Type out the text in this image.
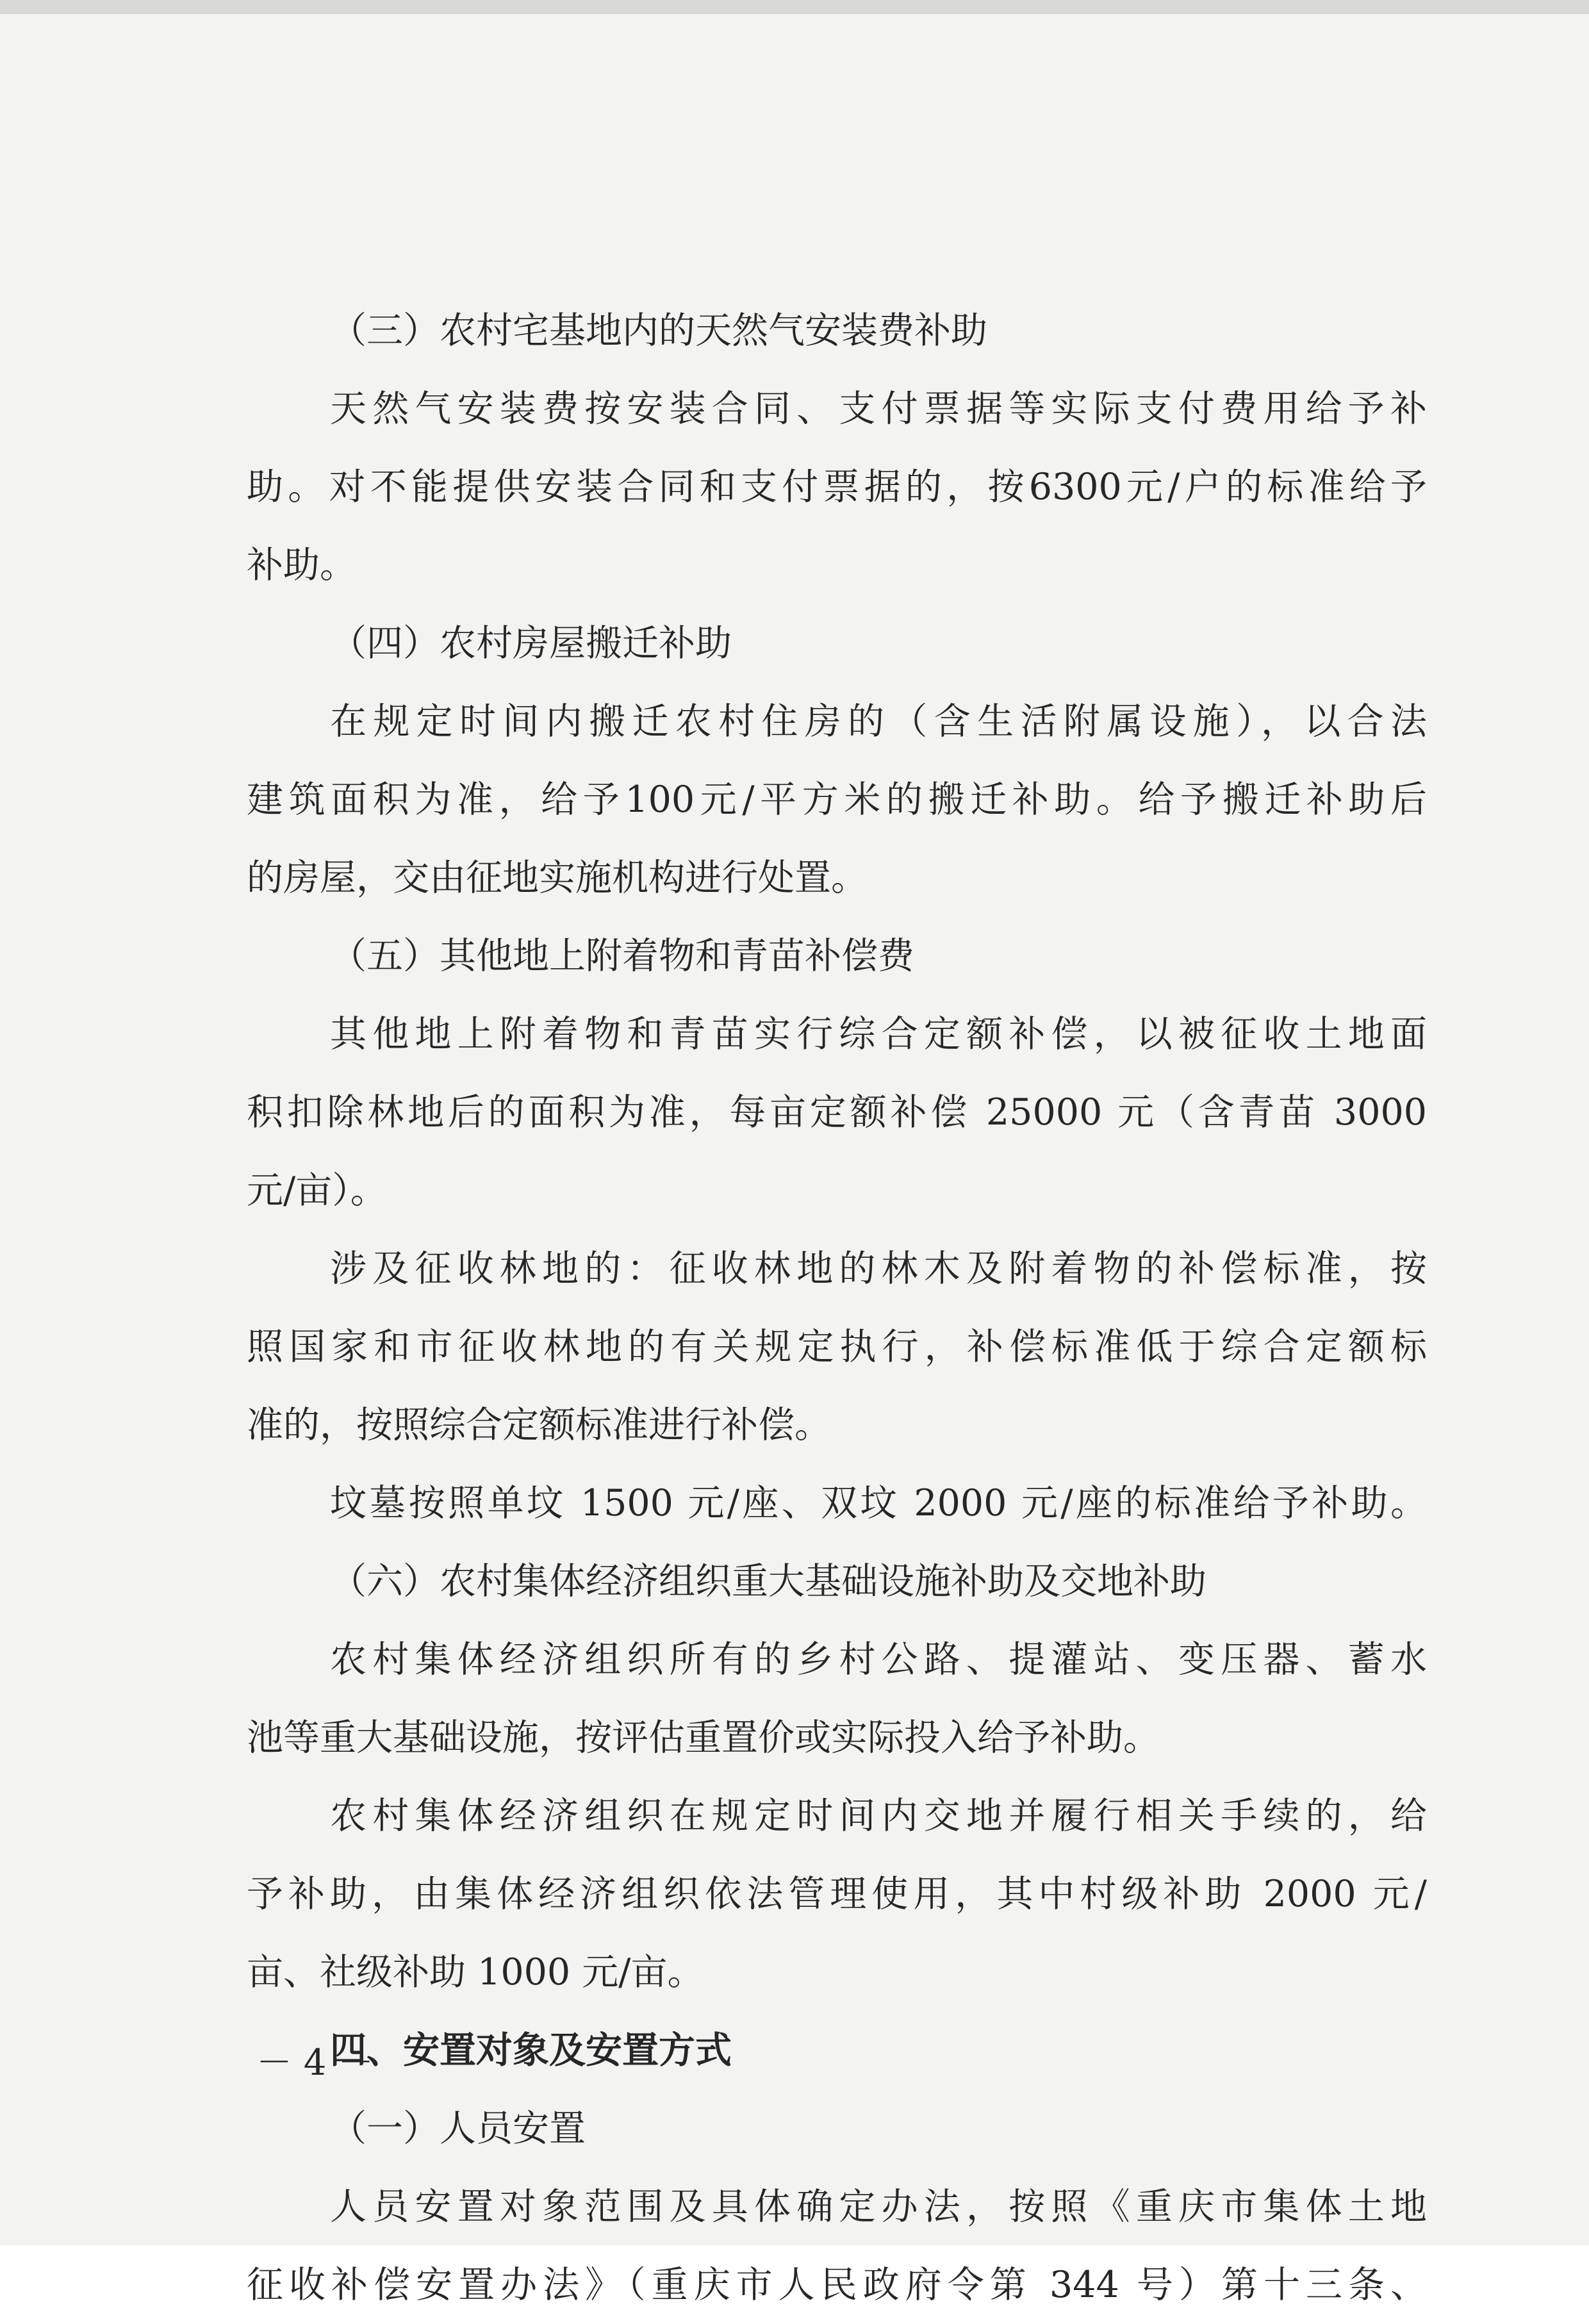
（三）农村宅基地内的天然气安装费补助

天然气安装费按安装合同、支付票据等实际支付费用给予补

助。对不能提供安装合同和支付票据的，按6300元/户的标准给予

补助。

（四）农村房屋搬迁补助

在规定时间内搬迁农村住房的（含生活附属设施），以合法

建筑面积为准，给予100元/平方米的搬迁补助。给予搬迁补助后

的房屋，交由征地实施机构进行处置。

（五）其他地上附着物和青苗补偿费

其他地上附着物和青苗实行综合定额补偿，以被征收土地面

积扣除林地后的面积为准，每亩定额补偿 25000 元（含青苗 3000

元/亩）。

涉及征收林地的：征收林地的林木及附着物的补偿标准，按

照国家和市征收林地的有关规定执行，补偿标准低于综合定额标

准的，按照综合定额标准进行补偿。

坟墓按照单坟 1500 元/座、双坟 2000 元/座的标准给予补助。

（六）农村集体经济组织重大基础设施补助及交地补助

农村集体经济组织所有的乡村公路、提灌站、变压器、蓄水

池等重大基础设施，按评估重置价或实际投入给予补助。

农村集体经济组织在规定时间内交地并履行相关手续的，给

予补助，由集体经济组织依法管理使用，其中村级补助 2000 元/

亩、社级补助 1000 元/亩。

四、安置对象及安置方式

（一）人员安置

人员安置对象范围及具体确定办法，按照《重庆市集体土地

征收补偿安置办法》（重庆市人民政府令第 344 号）第十三条、

－ 4 －
